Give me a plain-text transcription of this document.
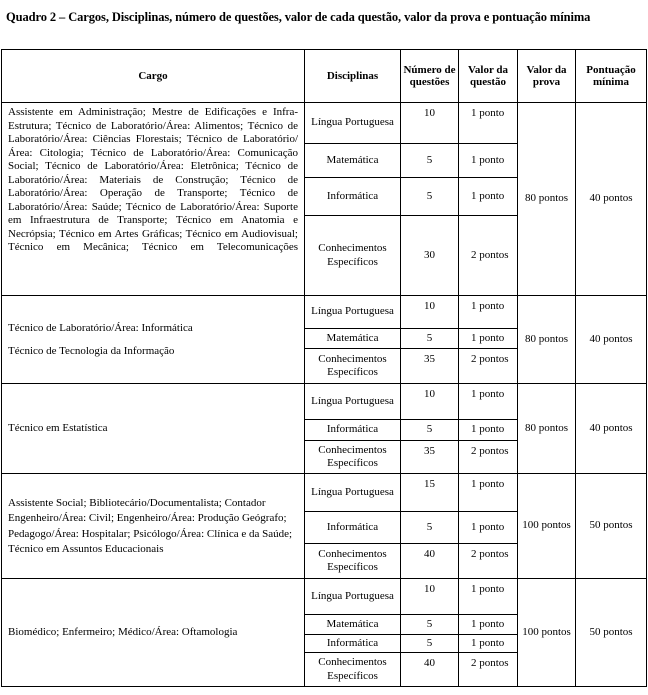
Quadro 2 – Cargos, Disciplinas, número de questões, valor de cada questão, valor da prova e pontuação mínima
Cargo	Disciplinas	Número de questões	Valor da questão	Valor da prova	Pontuação mínima
Assistente em Administração; Mestre de Edificações e Infra-Estrutura; Técnico de Laboratório/Área: Alimentos; Técnico de Laboratório/Área: Ciências Florestais; Técnico de Laboratório/Área: Citologia; Técnico de Laboratório/Área: Comunicação Social; Técnico de Laboratório/Área: Eletrônica; Técnico de Laboratório/Área: Materiais de Construção; Técnico de Laboratório/Área: Operação de Transporte; Técnico de Laboratório/Área: Saúde; Técnico de Laboratório/Área: Suporte em Infraestrutura de Transporte; Técnico em Anatomia e Necrópsia; Técnico em Artes Gráficas; Técnico em Audiovisual; Técnico em Mecânica; Técnico em Telecomunicações	Língua Portuguesa	10	1 ponto	80 pontos	40 pontos
	Matemática	5	1 ponto		
	Informática	5	1 ponto		
	Conhecimentos Específicos	30	2 pontos		

Técnico de Laboratório/Área: Informática
Técnico de Tecnologia da Informação	Língua Portuguesa	10	1 ponto	80 pontos	40 pontos
	Matemática	5	1 ponto		
	Conhecimentos Específicos	35	2 pontos		
Técnico em Estatística	Língua Portuguesa	10	1 ponto	80 pontos	40 pontos
	Informática	5	1 ponto		
	Conhecimentos Específicos	35	2 pontos		
Assistente Social; Bibliotecário/Documentalista; Contador Engenheiro/Área: Civil; Engenheiro/Área: Produção Geógrafo; Pedagogo/Área: Hospitalar; Psicólogo/Área: Clínica e da Saúde; Técnico em Assuntos Educacionais	Língua Portuguesa	15	1 ponto	100 pontos	50 pontos
	Informática	5	1 ponto		
	Conhecimentos Específicos	40	2 pontos		
Biomédico; Enfermeiro; Médico/Área: Oftamologia	Língua Portuguesa	10	1 ponto	100 pontos	50 pontos
	Matemática	5	1 ponto		
	Informática	5	1 ponto		
	Conhecimentos Específicos	40	2 pontos		
